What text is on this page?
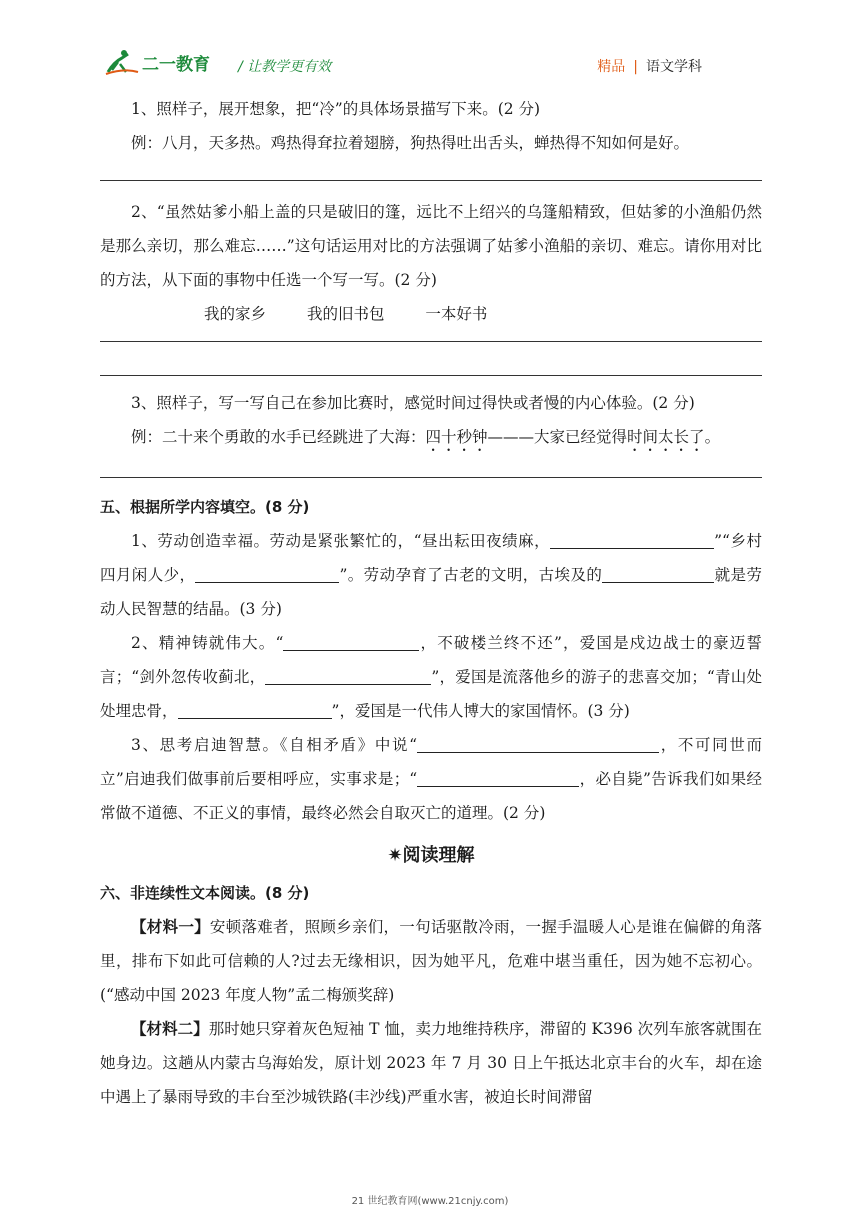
二一教育 / 让教学更有效	精品 | 语文学科

1、照样子，展开想象，把“冷”的具体场景描写下来。(2 分)

例：八月，天多热。鸡热得耷拉着翅膀，狗热得吐出舌头，蝉热得不知如何是好。

2、“虽然姑爹小船上盖的只是破旧的篷，远比不上绍兴的乌篷船精致，但姑爹的小渔船仍然是那么亲切，那么难忘……”这句话运用对比的方法强调了姑爹小渔船的亲切、难忘。请你用对比的方法，从下面的事物中任选一个写一写。(2 分)

我的家乡	我的旧书包	一本好书

3、照样子，写一写自己在参加比赛时，感觉时间过得快或者慢的内心体验。(2 分)

例：二十来个勇敢的水手已经跳进了大海：四十秒钟———大家已经觉得时间太长了。

五、根据所学内容填空。(8 分)

1、劳动创造幸福。劳动是紧张繁忙的，“昼出耘田夜绩麻，	”“乡村四月闲人少，	”。劳动孕育了古老的文明，古埃及的	就是劳动人民智慧的结晶。(3 分)

2、精神铸就伟大。“	，不破楼兰终不还”，爱国是戍边战士的豪迈誓言；“剑外忽传收蓟北，	”，爱国是流落他乡的游子的悲喜交加；“青山处处埋忠骨，	”，爱国是一代伟人博大的家国情怀。(3 分)

3、思考启迪智慧。《自相矛盾》中说“	，不可同世而立”启迪我们做事前后要相呼应，实事求是；“	，必自毙”告诉我们如果经常做不道德、不正义的事情，最终必然会自取灭亡的道理。(2 分)

✷阅读理解

六、非连续性文本阅读。(8 分)

【材料一】安顿落难者，照顾乡亲们，一句话驱散冷雨，一握手温暖人心是谁在偏僻的角落里，排布下如此可信赖的人?过去无缘相识，因为她平凡，危难中堪当重任，因为她不忘初心。(“感动中国 2023 年度人物”孟二梅颁奖辞)

【材料二】那时她只穿着灰色短袖 T 恤，卖力地维持秩序，滞留的 K396 次列车旅客就围在她身边。这趟从内蒙古乌海始发，原计划 2023 年 7 月 30 日上午抵达北京丰台的火车，却在途中遇上了暴雨导致的丰台至沙城铁路(丰沙线)严重水害，被迫长时间滞留

21 世纪教育网(www.21cnjy.com)
